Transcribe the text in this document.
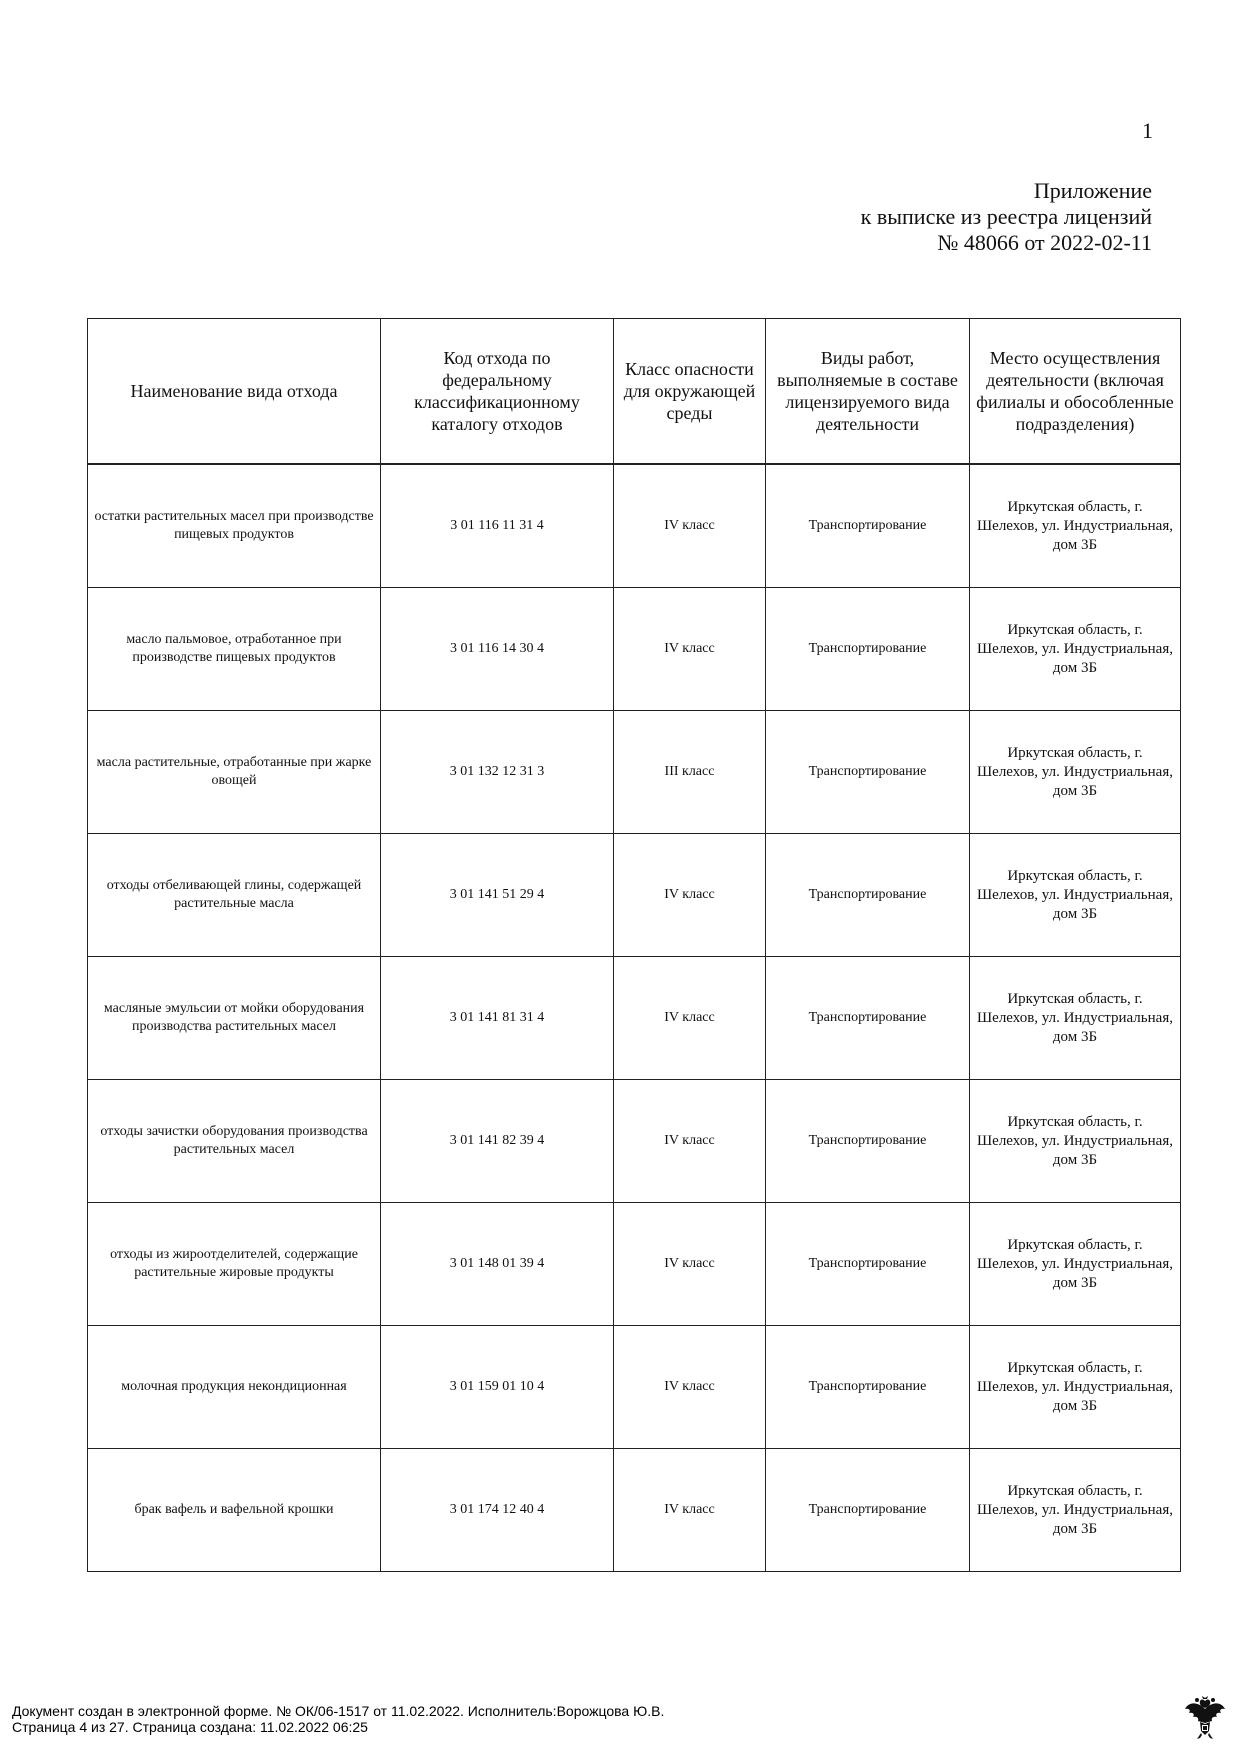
1
Приложение
к выписке из реестра лицензий
№ 48066 от 2022-02-11
Наименование вида отхода	Код отхода по федеральному классификационному каталогу отходов	Класс опасности для окружающей среды	Виды работ, выполняемые в составе лицензируемого вида деятельности	Место осуществления деятельности (включая филиалы и обособленные подразделения)
остатки растительных масел при производстве пищевых продуктов	3 01 116 11 31 4	IV класс	Транспортирование	Иркутская область, г. Шелехов, ул. Индустриальная, дом 3Б
масло пальмовое, отработанное при производстве пищевых продуктов	3 01 116 14 30 4	IV класс	Транспортирование	Иркутская область, г. Шелехов, ул. Индустриальная, дом 3Б
масла растительные, отработанные при жарке овощей	3 01 132 12 31 3	III класс	Транспортирование	Иркутская область, г. Шелехов, ул. Индустриальная, дом 3Б
отходы отбеливающей глины, содержащей растительные масла	3 01 141 51 29 4	IV класс	Транспортирование	Иркутская область, г. Шелехов, ул. Индустриальная, дом 3Б
масляные эмульсии от мойки оборудования производства растительных масел	3 01 141 81 31 4	IV класс	Транспортирование	Иркутская область, г. Шелехов, ул. Индустриальная, дом 3Б
отходы зачистки оборудования производства растительных масел	3 01 141 82 39 4	IV класс	Транспортирование	Иркутская область, г. Шелехов, ул. Индустриальная, дом 3Б
отходы из жироотделителей, содержащие растительные жировые продукты	3 01 148 01 39 4	IV класс	Транспортирование	Иркутская область, г. Шелехов, ул. Индустриальная, дом 3Б
молочная продукция некондиционная	3 01 159 01 10 4	IV класс	Транспортирование	Иркутская область, г. Шелехов, ул. Индустриальная, дом 3Б
брак вафель и вафельной крошки	3 01 174 12 40 4	IV класс	Транспортирование	Иркутская область, г. Шелехов, ул. Индустриальная, дом 3Б
Документ создан в электронной форме. № ОК/06-1517 от 11.02.2022. Исполнитель:Ворожцова Ю.В.
Страница 4 из 27. Страница создана: 11.02.2022 06:25
